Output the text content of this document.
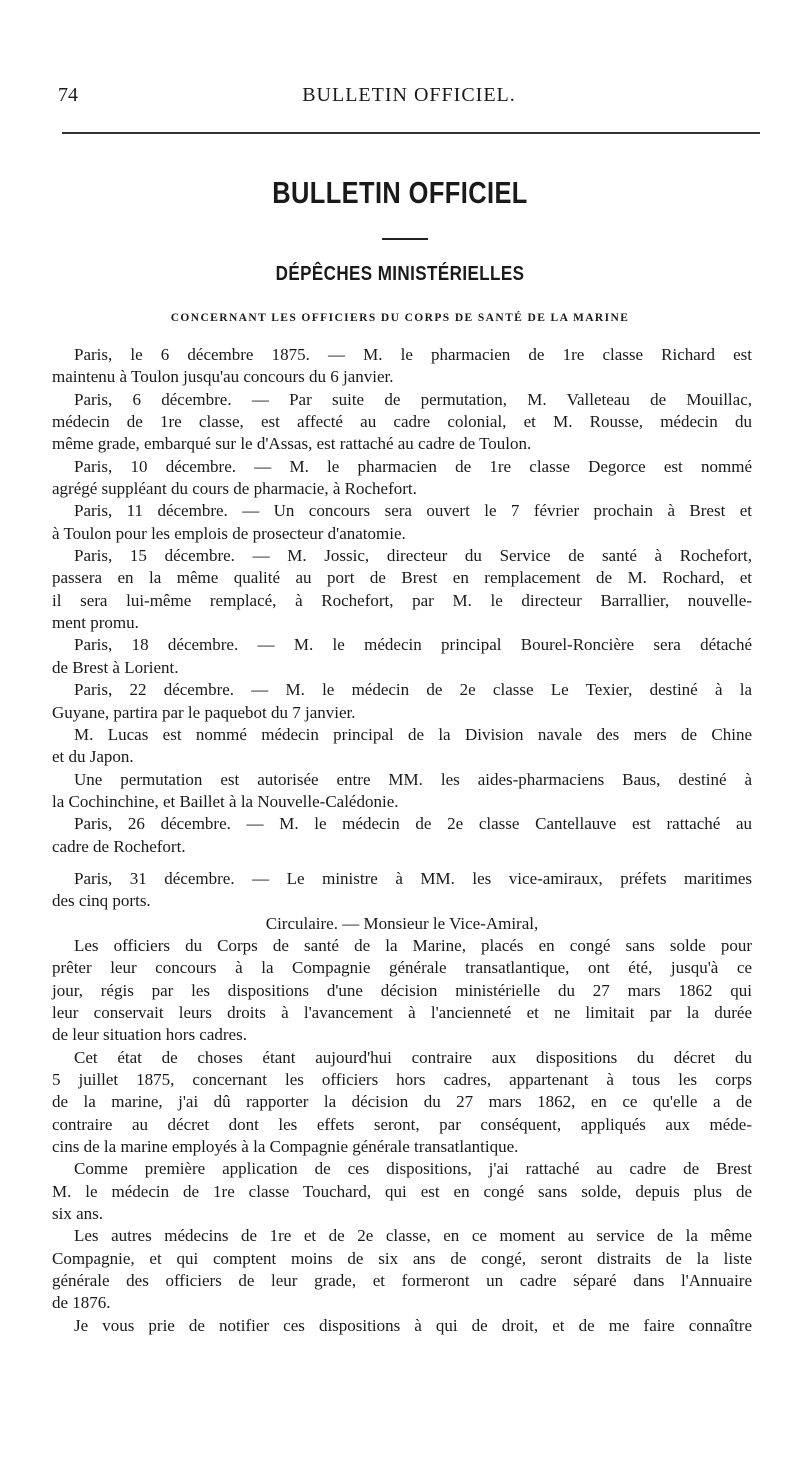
74	BULLETIN OFFICIEL.
BULLETIN OFFICIEL
DÉPÊCHES MINISTÉRIELLES
CONCERNANT LES OFFICIERS DU CORPS DE SANTÉ DE LA MARINE
Paris, le 6 décembre 1875. — M. le pharmacien de 1re classe Richard est
maintenu à Toulon jusqu'au concours du 6 janvier.
Paris, 6 décembre. — Par suite de permutation, M. Valleteau de Mouillac,
médecin de 1re classe, est affecté au cadre colonial, et M. Rousse, médecin du
même grade, embarqué sur le d'Assas, est rattaché au cadre de Toulon.
Paris, 10 décembre. — M. le pharmacien de 1re classe Degorce est nommé
agrégé suppléant du cours de pharmacie, à Rochefort.
Paris, 11 décembre. — Un concours sera ouvert le 7 février prochain à Brest et
à Toulon pour les emplois de prosecteur d'anatomie.
Paris, 15 décembre. — M. Jossic, directeur du Service de santé à Rochefort,
passera en la même qualité au port de Brest en remplacement de M. Rochard, et
il sera lui-même remplacé, à Rochefort, par M. le directeur Barrallier, nouvelle-
ment promu.
Paris, 18 décembre. — M. le médecin principal Bourel-Roncière sera détaché
de Brest à Lorient.
Paris, 22 décembre. — M. le médecin de 2e classe Le Texier, destiné à la
Guyane, partira par le paquebot du 7 janvier.
M. Lucas est nommé médecin principal de la Division navale des mers de Chine
et du Japon.
Une permutation est autorisée entre MM. les aides-pharmaciens Baus, destiné à
la Cochinchine, et Baillet à la Nouvelle-Calédonie.
Paris, 26 décembre. — M. le médecin de 2e classe Cantellauve est rattaché au
cadre de Rochefort.
Paris, 31 décembre. — Le ministre à MM. les vice-amiraux, préfets maritimes
des cinq ports.
Circulaire. — Monsieur le Vice-Amiral,
Les officiers du Corps de santé de la Marine, placés en congé sans solde pour
prêter leur concours à la Compagnie générale transatlantique, ont été, jusqu'à ce
jour, régis par les dispositions d'une décision ministérielle du 27 mars 1862 qui
leur conservait leurs droits à l'avancement à l'ancienneté et ne limitait par la durée
de leur situation hors cadres.
Cet état de choses étant aujourd'hui contraire aux dispositions du décret du
5 juillet 1875, concernant les officiers hors cadres, appartenant à tous les corps
de la marine, j'ai dû rapporter la décision du 27 mars 1862, en ce qu'elle a de
contraire au décret dont les effets seront, par conséquent, appliqués aux méde-
cins de la marine employés à la Compagnie générale transatlantique.
Comme première application de ces dispositions, j'ai rattaché au cadre de Brest
M. le médecin de 1re classe Touchard, qui est en congé sans solde, depuis plus de
six ans.
Les autres médecins de 1re et de 2e classe, en ce moment au service de la même
Compagnie, et qui comptent moins de six ans de congé, seront distraits de la liste
générale des officiers de leur grade, et formeront un cadre séparé dans l'Annuaire
de 1876.
Je vous prie de notifier ces dispositions à qui de droit, et de me faire connaître
